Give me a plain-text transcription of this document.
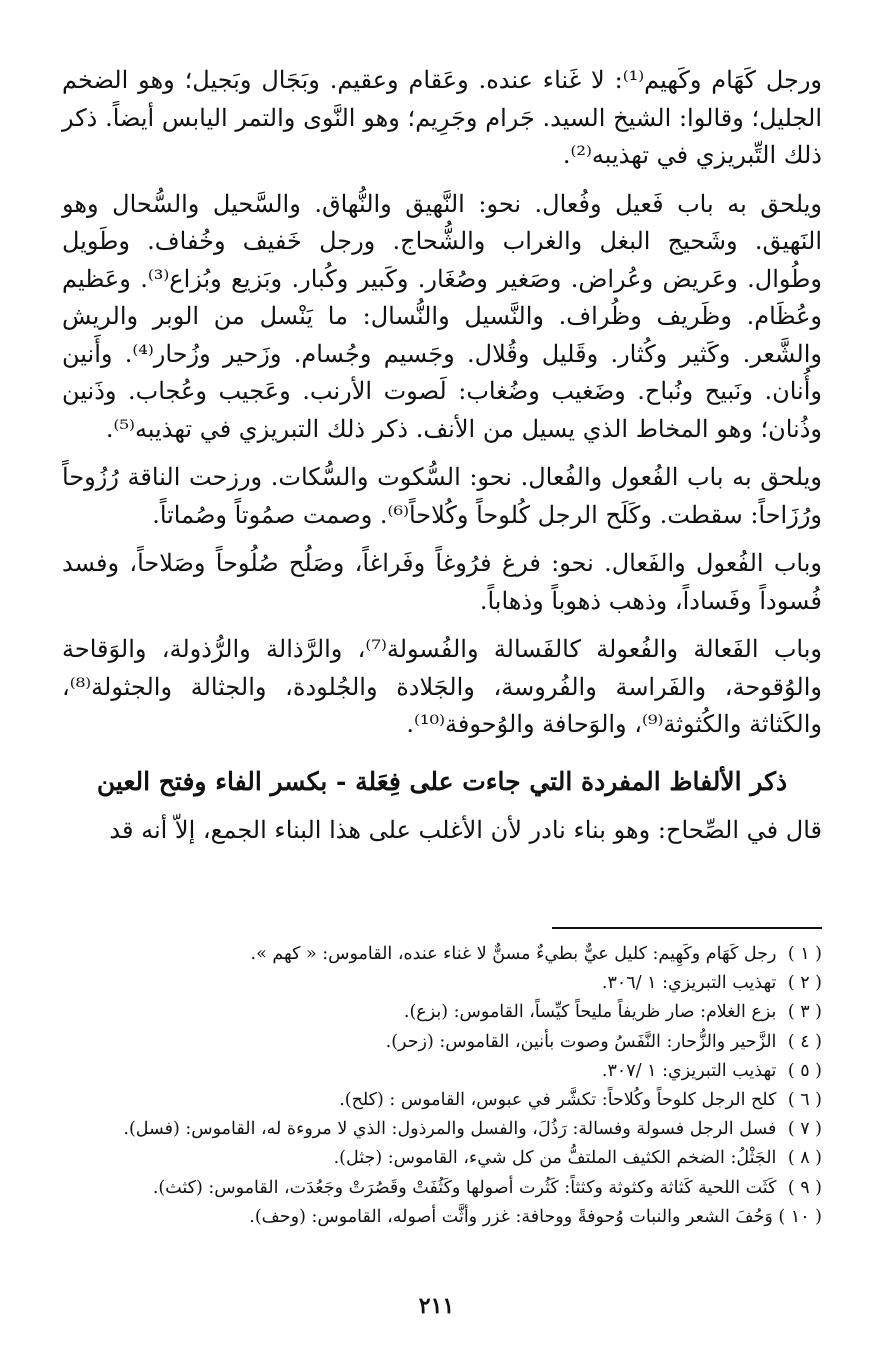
ورجل كَهَام وكَهيم⁽¹⁾: لا غَناء عنده. وعَقام وعقيم. وبَجَال وبَجيل؛ وهو الضخم الجليل؛ وقالوا: الشيخ السيد. جَرام وجَرِيم؛ وهو النَّوى والتمر اليابس أيضاً. ذكر ذلك التِّبريزي في تهذيبه⁽²⁾.

ويلحق به باب فَعيل وفُعال. نحو: النَّهيق والنُّهاق. والسَّحيل والسُّحال وهو النَهيق. وشَحيج البغل والغراب والشُّحاج. ورجل خَفيف وخُفاف. وطَويل وطُوال. وعَريض وعُراض. وصَغير وصُغَار. وكَبير وكُبار. وبَزيع وبُزاع⁽³⁾. وعَظيم وعُظَام. وظَريف وظُراف. والنَّسيل والنُّسال: ما يَنْسل من الوبر والريش والشَّعر. وكَثير وكُثار. وقَليل وقُلال. وجَسيم وجُسام. وزَحير وزُحار⁽⁴⁾. وأَنين وأُنان. ونَبيح ونُباح. وضَغيب وضُغاب: لَصوت الأرنب. وعَجيب وعُجاب. وذَنين وذُنان؛ وهو المخاط الذي يسيل من الأنف. ذكر ذلك التبريزي في تهذيبه⁽⁵⁾.

ويلحق به باب الفُعول والفُعال. نحو: السُّكوت والسُّكات. ورزحت الناقة رُزُوحاً ورُزَاحاً: سقطت. وكَلَح الرجل كُلوحاً وكُلاحاً⁽⁶⁾. وصمت صمُوتاً وصُماتاً.

وباب الفُعول والفَعال. نحو: فرغ فرُوغاً وفَراغاً، وصَلُح صُلُوحاً وصَلاحاً، وفسد فُسوداً وفَساداً، وذهب ذهوباً وذهاباً.

وباب الفَعالة والفُعولة كالفَسالة والفُسولة⁽⁷⁾، والرَّذالة والرُّذولة، والوَقاحة والوُقوحة، والفَراسة والفُروسة، والجَلادة والجُلودة، والجثالة والجثولة⁽⁸⁾، والكَثاثة والكُثوثة⁽⁹⁾، والوَحافة والوُحوفة⁽¹⁰⁾.

ذكر الألفاظ المفردة التي جاءت على فِعَلة - بكسر الفاء وفتح العين

قال في الصِّحاح: وهو بناء نادر لأن الأغلب على هذا البناء الجمع، إلاّ أنه قد

( ١ ) رجل كَهَام وكَهِيم: كليل عيٌّ بطيءٌ مسنٌّ لا غناء عنده، القاموس: « كهم ».
( ٢ ) تهذيب التبريزي: ١ /٣٠٦.
( ٣ ) بزع الغلام: صار ظريفاً مليحاً كيِّساً، القاموس: (بزع).
( ٤ ) الزَّحير والزُّحار: النَّفَسُ وصوت بأنين، القاموس: (زحر).
( ٥ ) تهذيب التبريزي: ١ /٣٠٧.
( ٦ ) كلح الرجل كلوحاً وكُلاحاً: تكشَّر في عبوس، القاموس : (كلح).
( ٧ ) فسل الرجل فسولة وفسالة: رَذُلَ، والفسل والمرذول: الذي لا مروءة له، القاموس: (فسل).
( ٨ ) الجَثْلُ: الضخم الكثيف الملتفُّ من كل شيء، القاموس: (جثل).
( ٩ ) كَثَت اللحية كَثاثة وكثوثة وكثثاً: كَثُرت أصولها وكَثُفَتْ وقَصُرَتْ وجَعُدَت، القاموس: (كثث).
( ١٠ ) وَحُفَ الشعر والنبات وُحوفةً ووحافة: غزر وأثَّت أصوله، القاموس: (وحف).
٢١١
